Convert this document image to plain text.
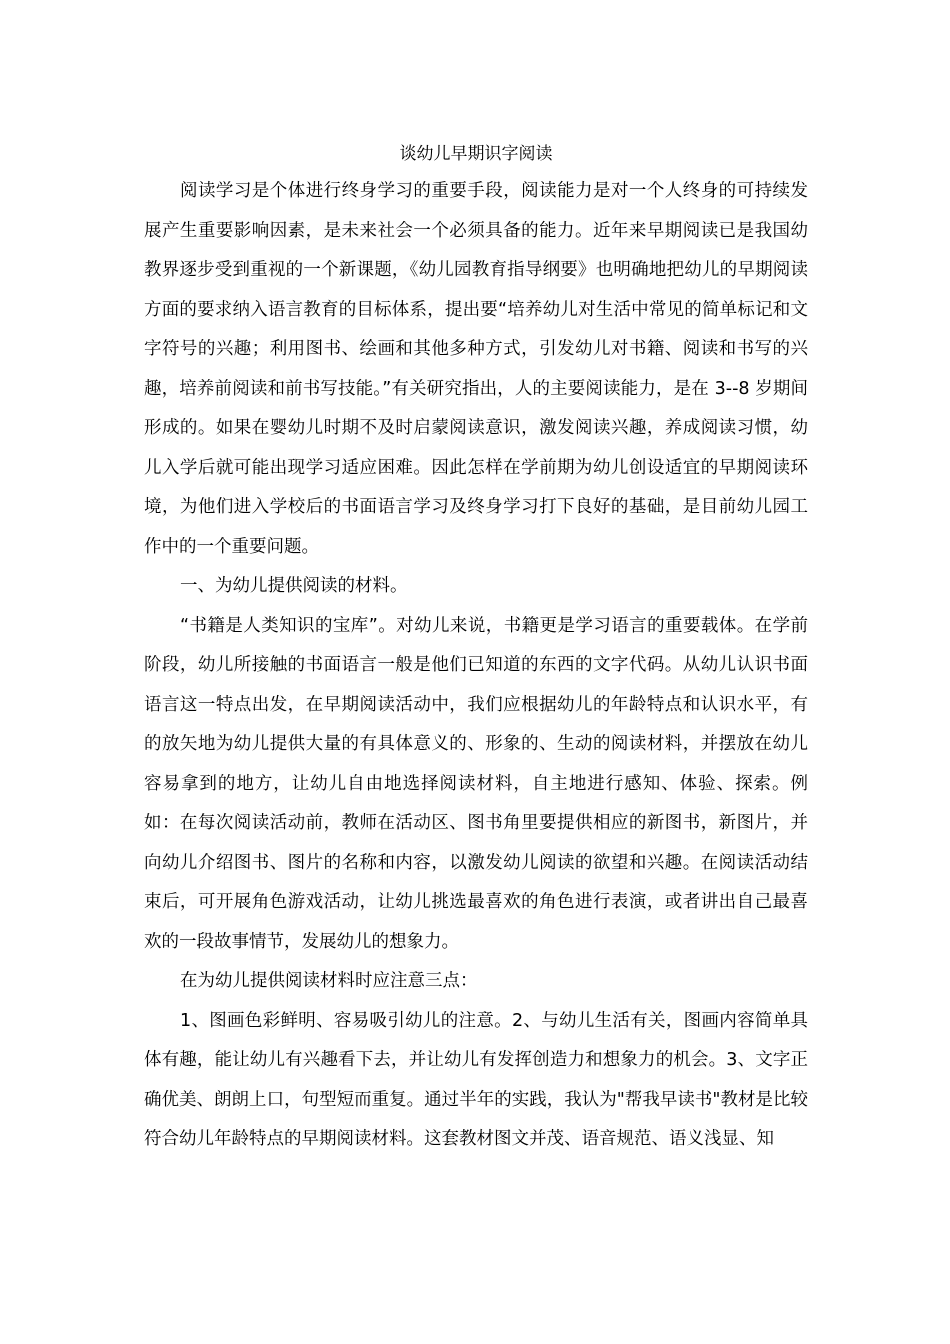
谈幼儿早期识字阅读

阅读学习是个体进行终身学习的重要手段，阅读能力是对一个人终身的可持续发展产生重要影响因素，是未来社会一个必须具备的能力。近年来早期阅读已是我国幼教界逐步受到重视的一个新课题，《幼儿园教育指导纲要》也明确地把幼儿的早期阅读方面的要求纳入语言教育的目标体系，提出要“培养幼儿对生活中常见的简单标记和文字符号的兴趣；利用图书、绘画和其他多种方式，引发幼儿对书籍、阅读和书写的兴趣，培养前阅读和前书写技能。”有关研究指出，人的主要阅读能力，是在 3--8 岁期间形成的。如果在婴幼儿时期不及时启蒙阅读意识，激发阅读兴趣，养成阅读习惯，幼儿入学后就可能出现学习适应困难。因此怎样在学前期为幼儿创设适宜的早期阅读环境，为他们进入学校后的书面语言学习及终身学习打下良好的基础，是目前幼儿园工作中的一个重要问题。

一、为幼儿提供阅读的材料。

“书籍是人类知识的宝库”。对幼儿来说，书籍更是学习语言的重要载体。在学前阶段，幼儿所接触的书面语言一般是他们已知道的东西的文字代码。从幼儿认识书面语言这一特点出发，在早期阅读活动中，我们应根据幼儿的年龄特点和认识水平，有的放矢地为幼儿提供大量的有具体意义的、形象的、生动的阅读材料，并摆放在幼儿容易拿到的地方，让幼儿自由地选择阅读材料，自主地进行感知、体验、探索。例如：在每次阅读活动前，教师在活动区、图书角里要提供相应的新图书，新图片，并向幼儿介绍图书、图片的名称和内容，以激发幼儿阅读的欲望和兴趣。在阅读活动结束后，可开展角色游戏活动，让幼儿挑选最喜欢的角色进行表演，或者讲出自己最喜欢的一段故事情节，发展幼儿的想象力。

在为幼儿提供阅读材料时应注意三点：

1、图画色彩鲜明、容易吸引幼儿的注意。2、与幼儿生活有关，图画内容简单具体有趣，能让幼儿有兴趣看下去，并让幼儿有发挥创造力和想象力的机会。3、文字正确优美、朗朗上口，句型短而重复。通过半年的实践，我认为"帮我早读书"教材是比较符合幼儿年龄特点的早期阅读材料。这套教材图文并茂、语音规范、语义浅显、知
